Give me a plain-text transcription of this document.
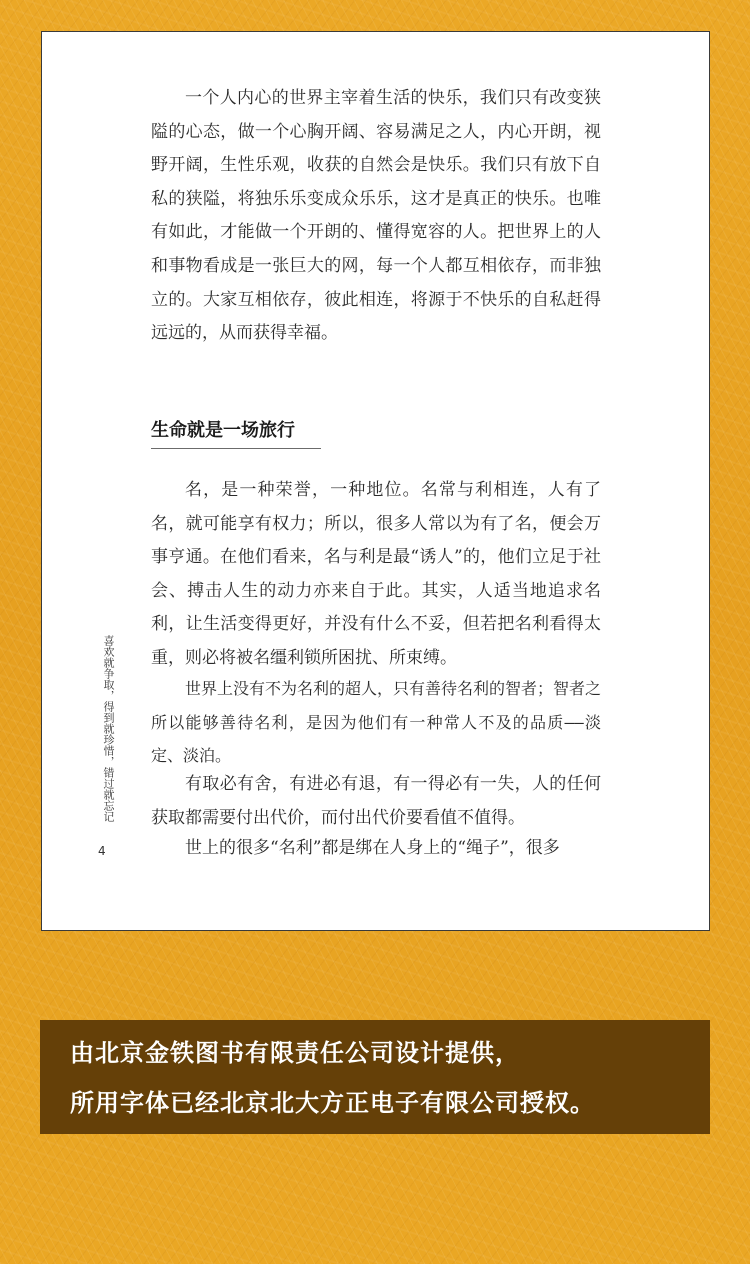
一个人内心的世界主宰着生活的快乐，我们只有改变狭隘的心态，做一个心胸开阔、容易满足之人，内心开朗，视野开阔，生性乐观，收获的自然会是快乐。我们只有放下自私的狭隘，将独乐乐变成众乐乐，这才是真正的快乐。也唯有如此，才能做一个开朗的、懂得宽容的人。把世界上的人和事物看成是一张巨大的网，每一个人都互相依存，而非独立的。大家互相依存，彼此相连，将源于不快乐的自私赶得远远的，从而获得幸福。

生命就是一场旅行

名，是一种荣誉，一种地位。名常与利相连，人有了名，就可能享有权力；所以，很多人常以为有了名，便会万事亨通。在他们看来，名与利是最“诱人”的，他们立足于社会、搏击人生的动力亦来自于此。其实，人适当地追求名利，让生活变得更好，并没有什么不妥，但若把名利看得太重，则必将被名缰利锁所困扰、所束缚。

世界上没有不为名利的超人，只有善待名利的智者；智者之所以能够善待名利，是因为他们有一种常人不及的品质——淡定、淡泊。

有取必有舍，有进必有退，有一得必有一失，人的任何获取都需要付出代价，而付出代价要看值不值得。

世上的很多“名利”都是绑在人身上的“绳子”，很多

喜欢就争取，得到就珍惜，错过就忘记
4
由北京金铁图书有限责任公司设计提供，
所用字体已经北京北大方正电子有限公司授权。
